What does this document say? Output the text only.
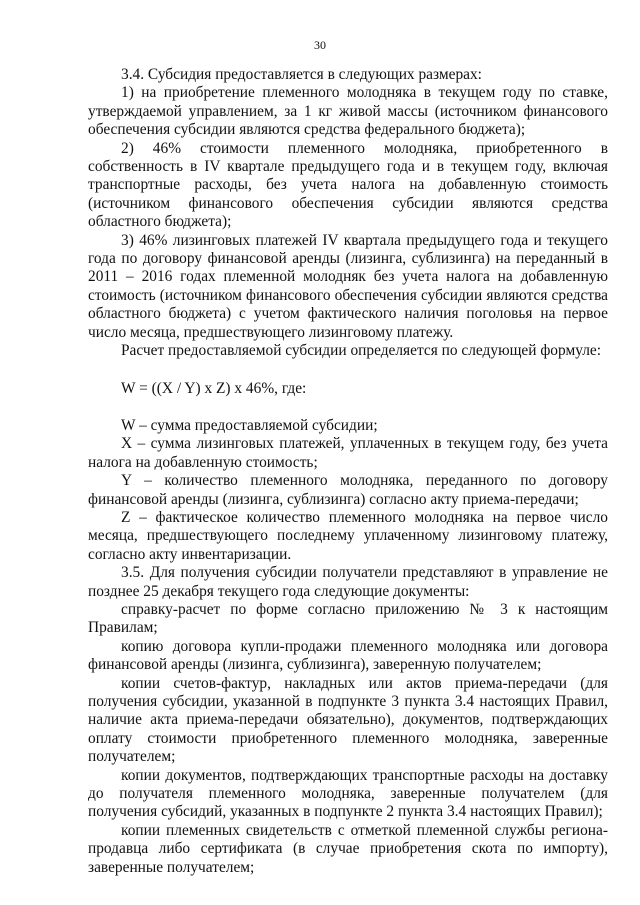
30

3.4. Субсидия предоставляется в следующих размерах:

1) на приобретение племенного молодняка в текущем году по ставке, утверждаемой управлением, за 1 кг живой массы (источником финансового обеспечения субсидии являются средства федерального бюджета);

2) 46% стоимости племенного молодняка, приобретенного в собственность в IV квартале предыдущего года и в текущем году, включая транспортные расходы, без учета налога на добавленную стоимость (источником финансового обеспечения субсидии являются средства областного бюджета);

3) 46% лизинговых платежей IV квартала предыдущего года и текущего года по договору финансовой аренды (лизинга, сублизинга) на переданный в 2011 – 2016 годах племенной молодняк без учета налога на добавленную стоимость (источником финансового обеспечения субсидии являются средства областного бюджета) с учетом фактического наличия поголовья на первое число месяца, предшествующего лизинговому платежу.

Расчет предоставляемой субсидии определяется по следующей формуле:

W = ((X / Y) x Z) x 46%, где:

W – сумма предоставляемой субсидии;

X – сумма лизинговых платежей, уплаченных в текущем году, без учета налога на добавленную стоимость;

Y – количество племенного молодняка, переданного по договору финансовой аренды (лизинга, сублизинга) согласно акту приема-передачи;

Z – фактическое количество племенного молодняка на первое число месяца, предшествующего последнему уплаченному лизинговому платежу, согласно акту инвентаризации.

3.5. Для получения субсидии получатели представляют в управление не позднее 25 декабря текущего года следующие документы:

справку-расчет по форме согласно приложению № 3 к настоящим Правилам;

копию договора купли-продажи племенного молодняка или договора финансовой аренды (лизинга, сублизинга), заверенную получателем;

копии счетов-фактур, накладных или актов приема-передачи (для получения субсидии, указанной в подпункте 3 пункта 3.4 настоящих Правил, наличие акта приема-передачи обязательно), документов, подтверждающих оплату стоимости приобретенного племенного молодняка, заверенные получателем;

копии документов, подтверждающих транспортные расходы на доставку до получателя племенного молодняка, заверенные получателем (для получения субсидий, указанных в подпункте 2 пункта 3.4 настоящих Правил);

копии племенных свидетельств с отметкой племенной службы региона-продавца либо сертификата (в случае приобретения скота по импорту), заверенные получателем;
